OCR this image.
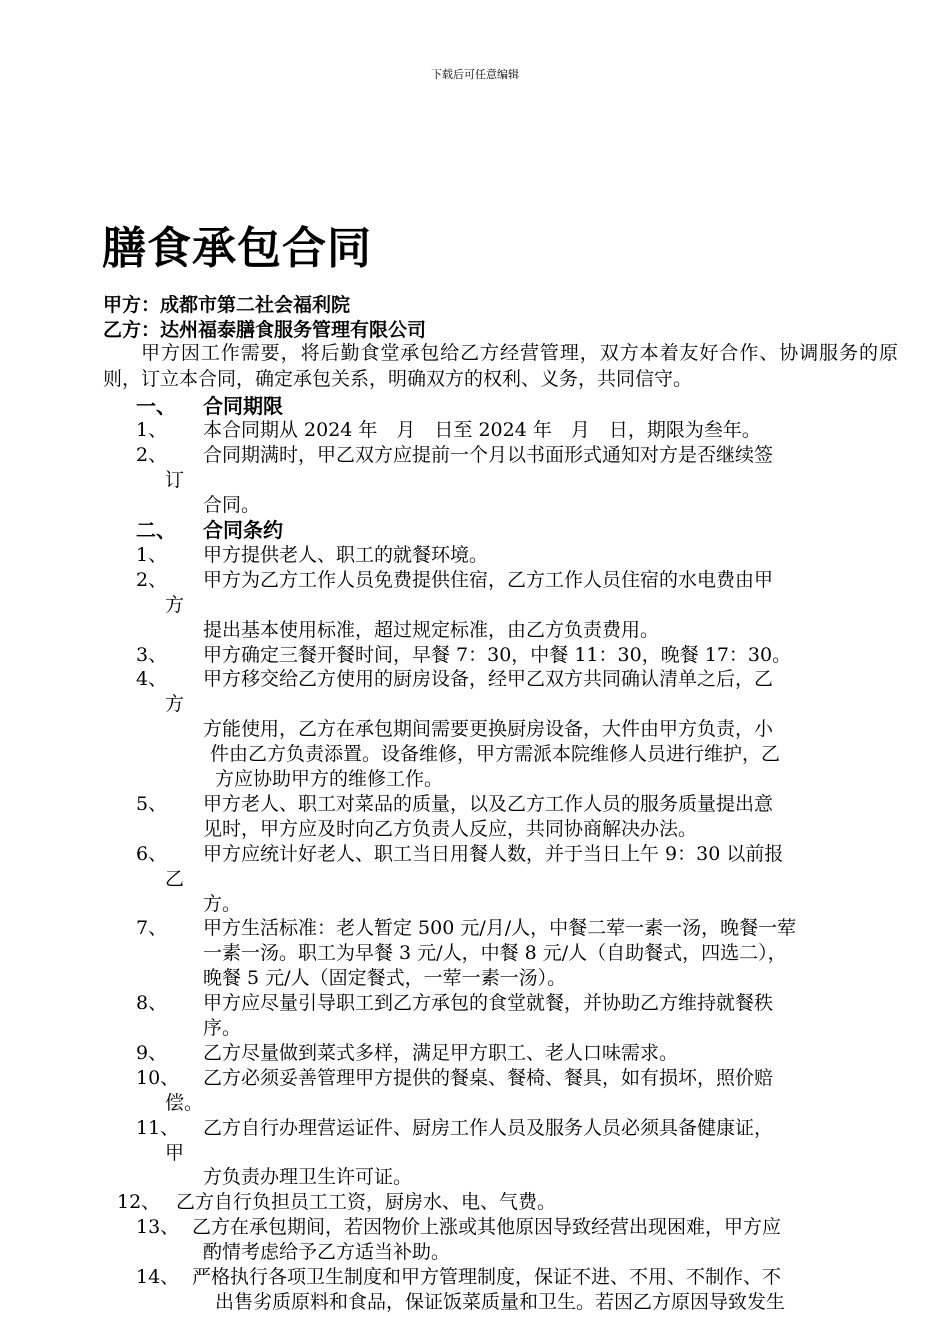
下载后可任意编辑
膳食承包合同
甲方：成都市第二社会福利院
乙方：达州福泰膳食服务管理有限公司
甲方因工作需要，将后勤食堂承包给乙方经营管理，双方本着友好合作、协调服务的原则，订立本合同，确定承包关系，明确双方的权利、义务，共同信守。
一、 合同期限
二、 合同条约
1、 本合同期从 2024 年　月　日至 2024 年　月　日，期限为叁年。
2、 合同期满时，甲乙双方应提前一个月以书面形式通知对方是否继续签
订
合同。
1、 甲方提供老人、职工的就餐环境。
2、 甲方为乙方工作人员免费提供住宿，乙方工作人员住宿的水电费由甲
方
提出基本使用标准，超过规定标准，由乙方负责费用。
3、 甲方确定三餐开餐时间，早餐 7：30，中餐 11：30，晚餐 17：30。
4、 甲方移交给乙方使用的厨房设备，经甲乙双方共同确认清单之后，乙
方
方能使用，乙方在承包期间需要更换厨房设备，大件由甲方负责，小
件由乙方负责添置。设备维修，甲方需派本院维修人员进行维护，乙
方应协助甲方的维修工作。
5、 甲方老人、职工对菜品的质量，以及乙方工作人员的服务质量提出意
见时，甲方应及时向乙方负责人反应，共同协商解决办法。
6、 甲方应统计好老人、职工当日用餐人数，并于当日上午 9：30 以前报
乙
方。
7、 甲方生活标准：老人暂定 500 元/月/人，中餐二荤一素一汤，晚餐一荤
一素一汤。职工为早餐 3 元/人，中餐 8 元/人（自助餐式，四选二），
晚餐 5 元/人（固定餐式，一荤一素一汤）。
8、 甲方应尽量引导职工到乙方承包的食堂就餐，并协助乙方维持就餐秩
序。
9、 乙方尽量做到菜式多样，满足甲方职工、老人口味需求。
10、 乙方必须妥善管理甲方提供的餐桌、餐椅、餐具，如有损坏，照价赔
偿。
11、 乙方自行办理营运证件、厨房工作人员及服务人员必须具备健康证，
甲
方负责办理卫生许可证。
12、 乙方自行负担员工工资，厨房水、电、气费。
13、 乙方在承包期间，若因物价上涨或其他原因导致经营出现困难，甲方应
酌情考虑给予乙方适当补助。
14、 严格执行各项卫生制度和甲方管理制度，保证不进、不用、不制作、不
出售劣质原料和食品，保证饭菜质量和卫生。若因乙方原因导致发生
